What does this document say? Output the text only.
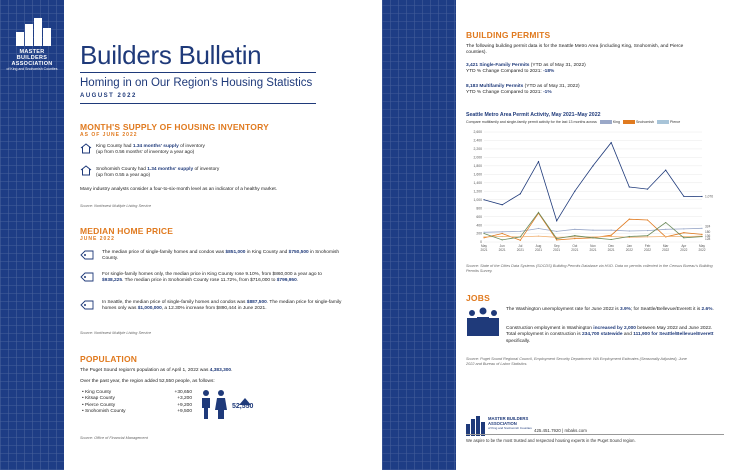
MASTER BUILDERS
ASSOCIATION
of King and Snohomish Counties Builders Bulletin
Homing in on Our Region's Housing Statistics
AUGUST 2022
MONTH'S SUPPLY OF HOUSING INVENTORY
AS OF JUNE 2022
King County had 1.34 months' supply of inventory
(up from 0.56 months' of inventory a year ago)
Snohomish County had 1.34 months' supply of inventory
(up from 0.55 a year ago)
Many industry analysts consider a four-to-six-month level as an indicator of a healthy market.
Source: Northwest Multiple Listing Service
MEDIAN HOME PRICE
JUNE 2022
The median price of single-family homes and condos was $851,000 in King County and $750,500 in Snohomish County.
For single-family homes only, the median price in King County rose 9.10%, from $860,000 a year ago to $938,225. The median price in Snohomish County rose 11.72%, from $716,000 to $799,950.
In Seattle, the median price of single-family homes and condos was $887,500. The median price for single-family homes only was $1,000,000, a 12.30% increase from $890,444 in June 2021.
Source: Northwest Multiple Listing Service
POPULATION
The Puget Sound region's population as of April 1, 2022 was 4,383,300.
Over the past year, the region added 52,550 people, as follows:
• King County	+30,650
• Kitsap County	+3,200
• Pierce County	+9,200
• Snohomish County	+9,500
52,550
Source: Office of Financial Management
BUILDING PERMITS
The following building permit data is for the Seattle Metro Area (including King, Snohomish, and Pierce counties).
3,421 Single-Family Permits (YTD as of May 31, 2022)
YTD % Change Compared to 2021: -18%
8,183 Multifamily Permits (YTD as of May 31, 2022)
YTD % Change Compared to 2021: -1%
Seattle Metro Area Permit Activity, May 2021–May 2022
Compare multifamily and single-family permit activity for the last 13 months across	King	Snohomish	Pierce
0
200
400
600
800
1,000
1,200
1,400
1,600
1,800
2,000
2,200
2,400
2,600
May
2021
Jun
2021
Jul
2021
Aug
2021
Sep
2021
Oct
2021
Nov
2021
Dec
2021
Jan
2022
Feb
2022
Mar
2022
Apr
2022
May
2022
1,076
324
180
136
128
Source: State of the Cities Data Systems (SOCDS) Building Permits Database via HUD. Data on permits collected in the Census Bureau's Building Permits Survey.
JOBS
The Washington unemployment rate for June 2022 is 3.9%; for Seattle/Bellevue/Everett it is 2.6%.
Construction employment in Washington increased by 2,000 between May 2022 and June 2022. Total employment in construction is 234,700 statewide and 111,900 for Seattle/Bellevue/Everett specifically.
Source: Puget Sound Regional Council, Employment Security Department: WA Employment Estimates (Seasonally Adjusted), June 2022 and Bureau of Labor Statistics.
MASTER BUILDERS
ASSOCIATION
of King and Snohomish Counties 425.451.7920 | mbaks.com
We aspire to be the most trusted and respected housing experts in the Puget Sound region.
